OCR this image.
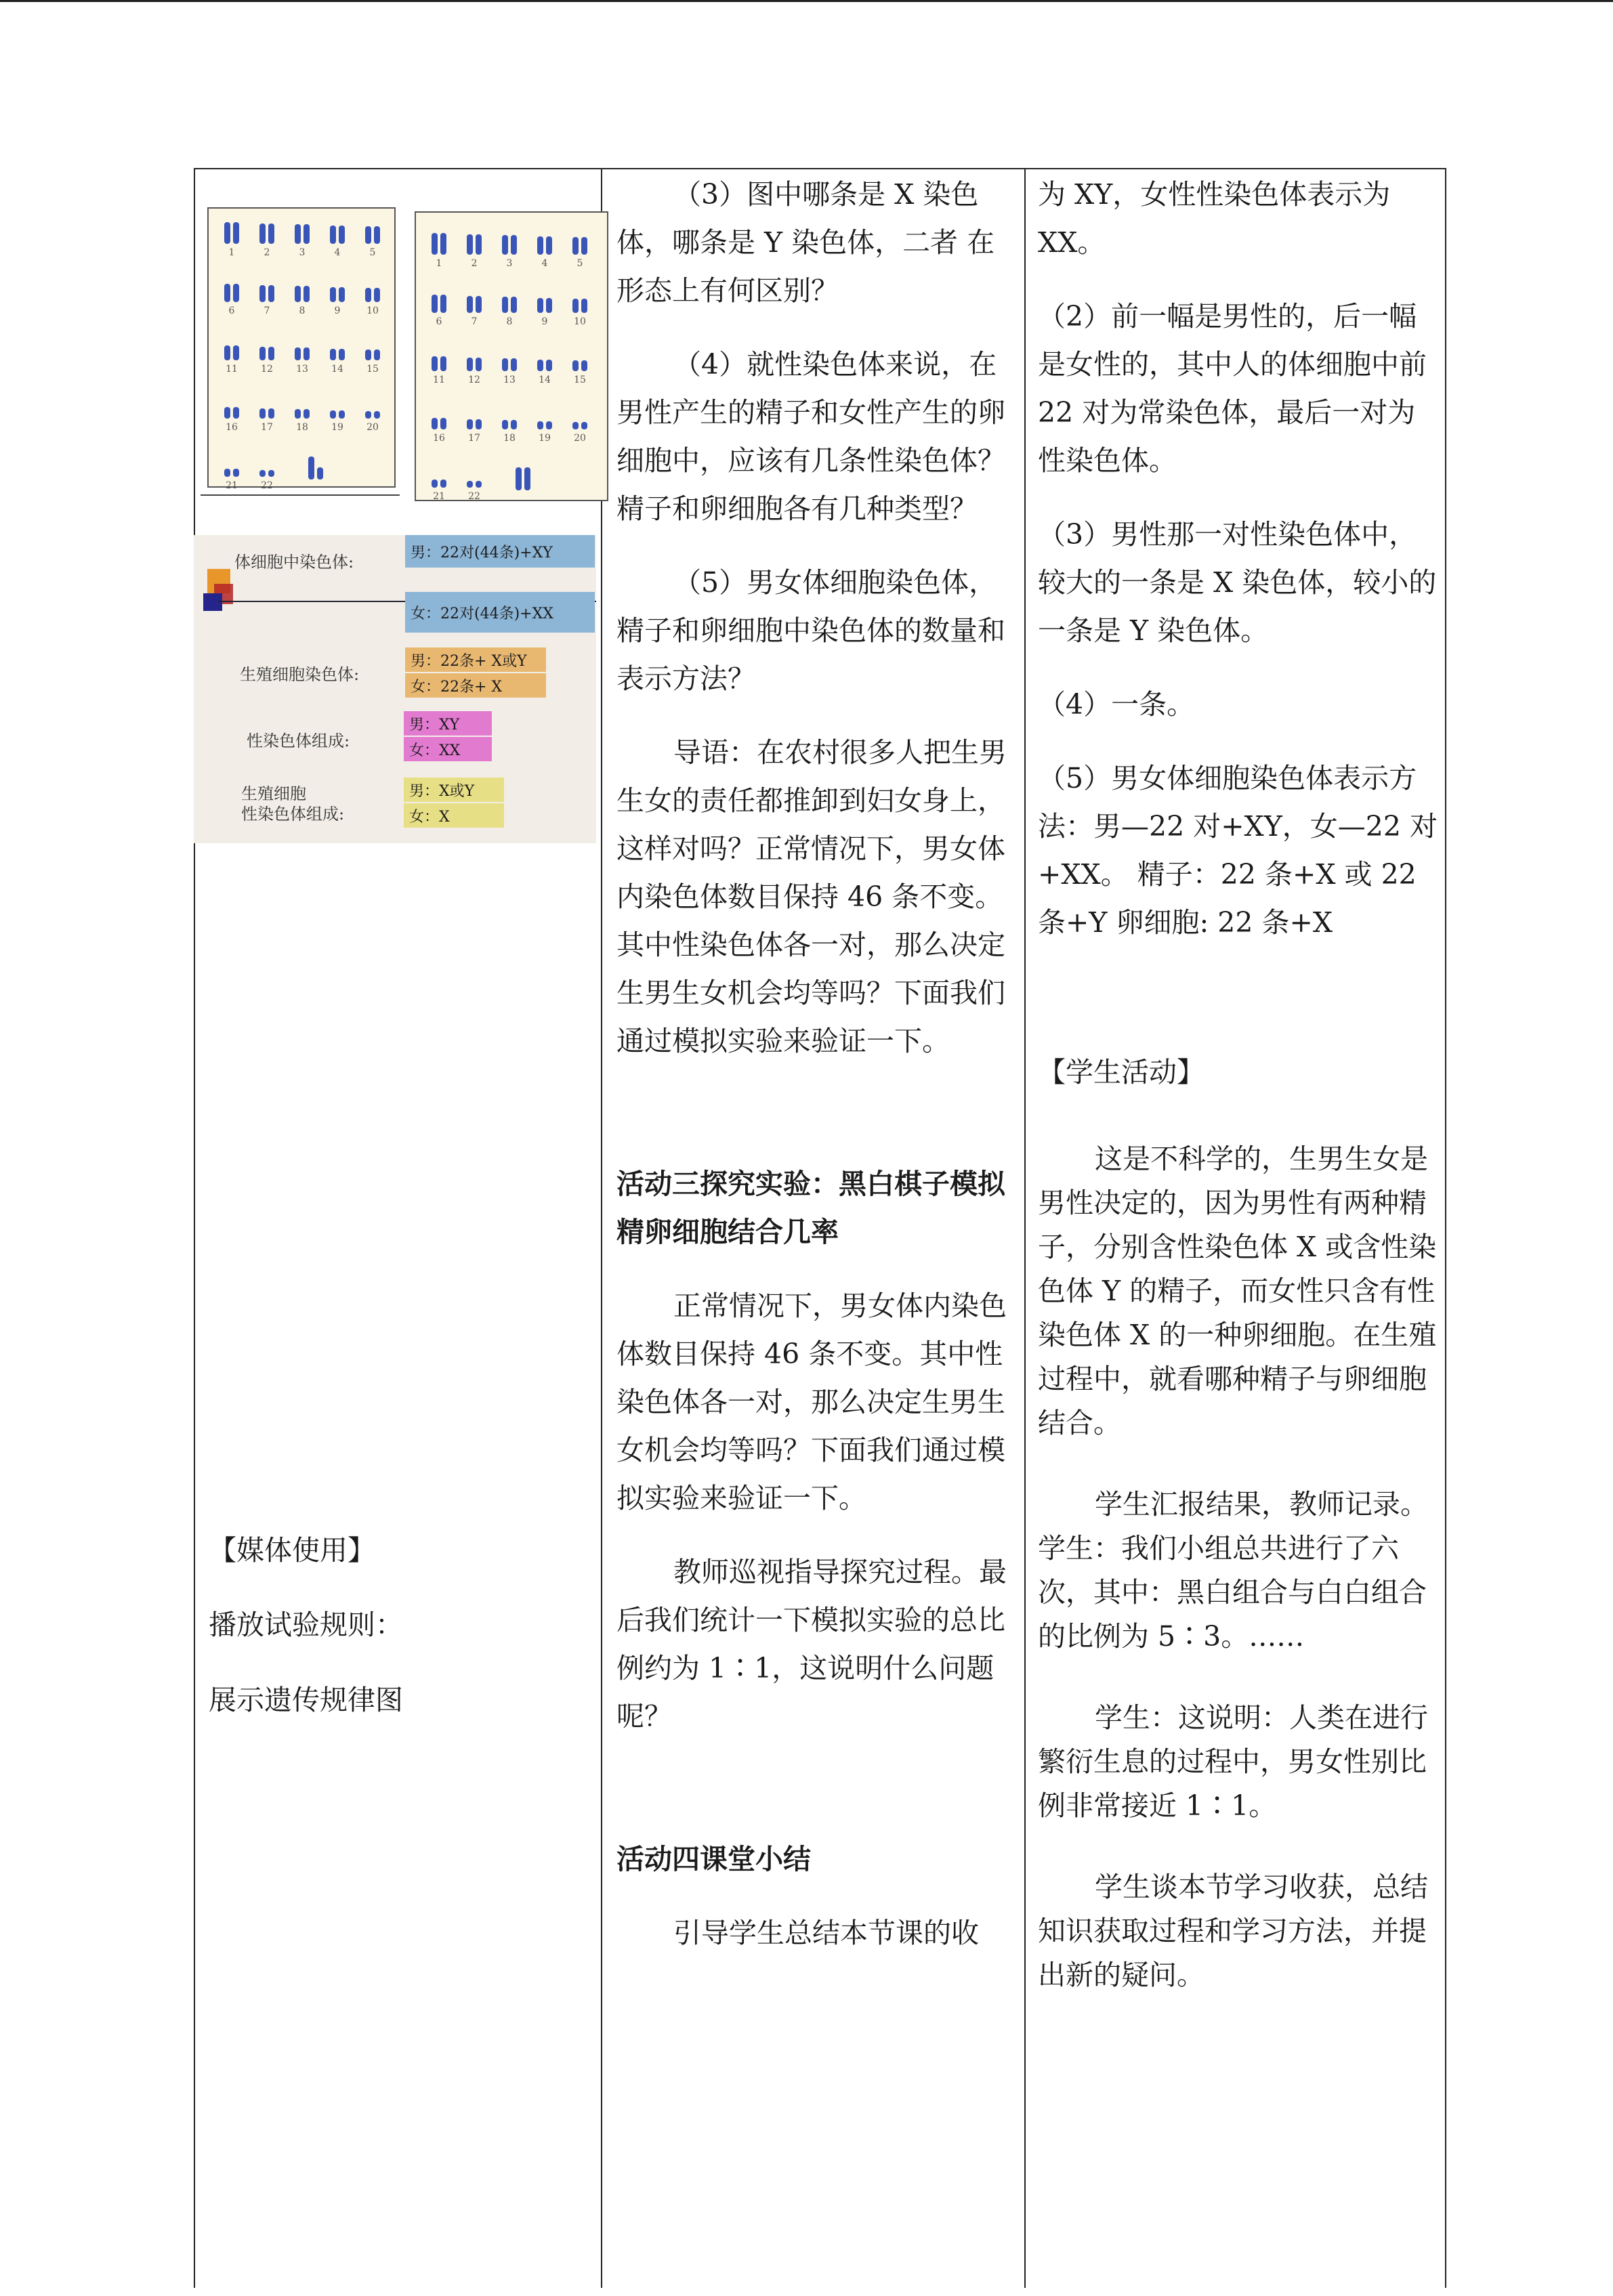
1	2	3	4	5
6	7	8	9	10
11 12 13 14 15
16 17 18 19 20
21 22
1	2	3	4	5
6	7	8	9	10
11 12 13 14 15
16 17 18 19 20
21 22
体细胞中染色体:	男：22对(44条)+XY
女：22对(44条)+XX
生殖细胞染色体:
男：22条+ X或Y
女：22条+ X
性染色体组成:
男：XY
女：XX
生殖细胞
性染色体组成:
男：X或Y
女：X

【媒体使用】

播放试验规则：

展示遗传规律图

（3）图中哪条是 X 染色体，哪条是 Y 染色体，二者 在形态上有何区别？

（4）就性染色体来说，在男性产生的精子和女性产生的卵细胞中，应该有几条性染色体？精子和卵细胞各有几种类型？

（5）男女体细胞染色体，精子和卵细胞中染色体的数量和表示方法？

导语：在农村很多人把生男生女的责任都推卸到妇女身上，这样对吗？正常情况下，男女体内染色体数目保持 46 条不变。其中性染色体各一对，那么决定生男生女机会均等吗？下面我们通过模拟实验来验证一下。

活动三探究实验：黑白棋子模拟精卵细胞结合几率

正常情况下，男女体内染色体数目保持 46 条不变。其中性染色体各一对，那么决定生男生女机会均等吗？下面我们通过模拟实验来验证一下。

教师巡视指导探究过程。最后我们统计一下模拟实验的总比例约为 1∶1，这说明什么问题呢？

活动四课堂小结

引导学生总结本节课的收

为 XY，女性性染色体表示为 XX。

（2）前一幅是男性的，后一幅是女性的，其中人的体细胞中前 22 对为常染色体，最后一对为性染色体。

（3）男性那一对性染色体中，较大的一条是 X 染色体，较小的一条是 Y 染色体。

（4）一条。

（5）男女体细胞染色体表示方法：男—22 对+XY，女—22 对+XX。 精子：22 条+X 或 22 条+Y 卵细胞: 22 条+X

【学生活动】

这是不科学的，生男生女是男性决定的，因为男性有两种精子，分别含性染色体 X 或含性染色体 Y 的精子，而女性只含有性染色体 X 的一种卵细胞。在生殖过程中，就看哪种精子与卵细胞结合。

学生汇报结果，教师记录。学生：我们小组总共进行了六次，其中：黑白组合与白白组合的比例为 5∶3。……

学生：这说明：人类在进行繁衍生息的过程中，男女性别比例非常接近 1∶1。

学生谈本节学习收获，总结知识获取过程和学习方法，并提出新的疑问。
